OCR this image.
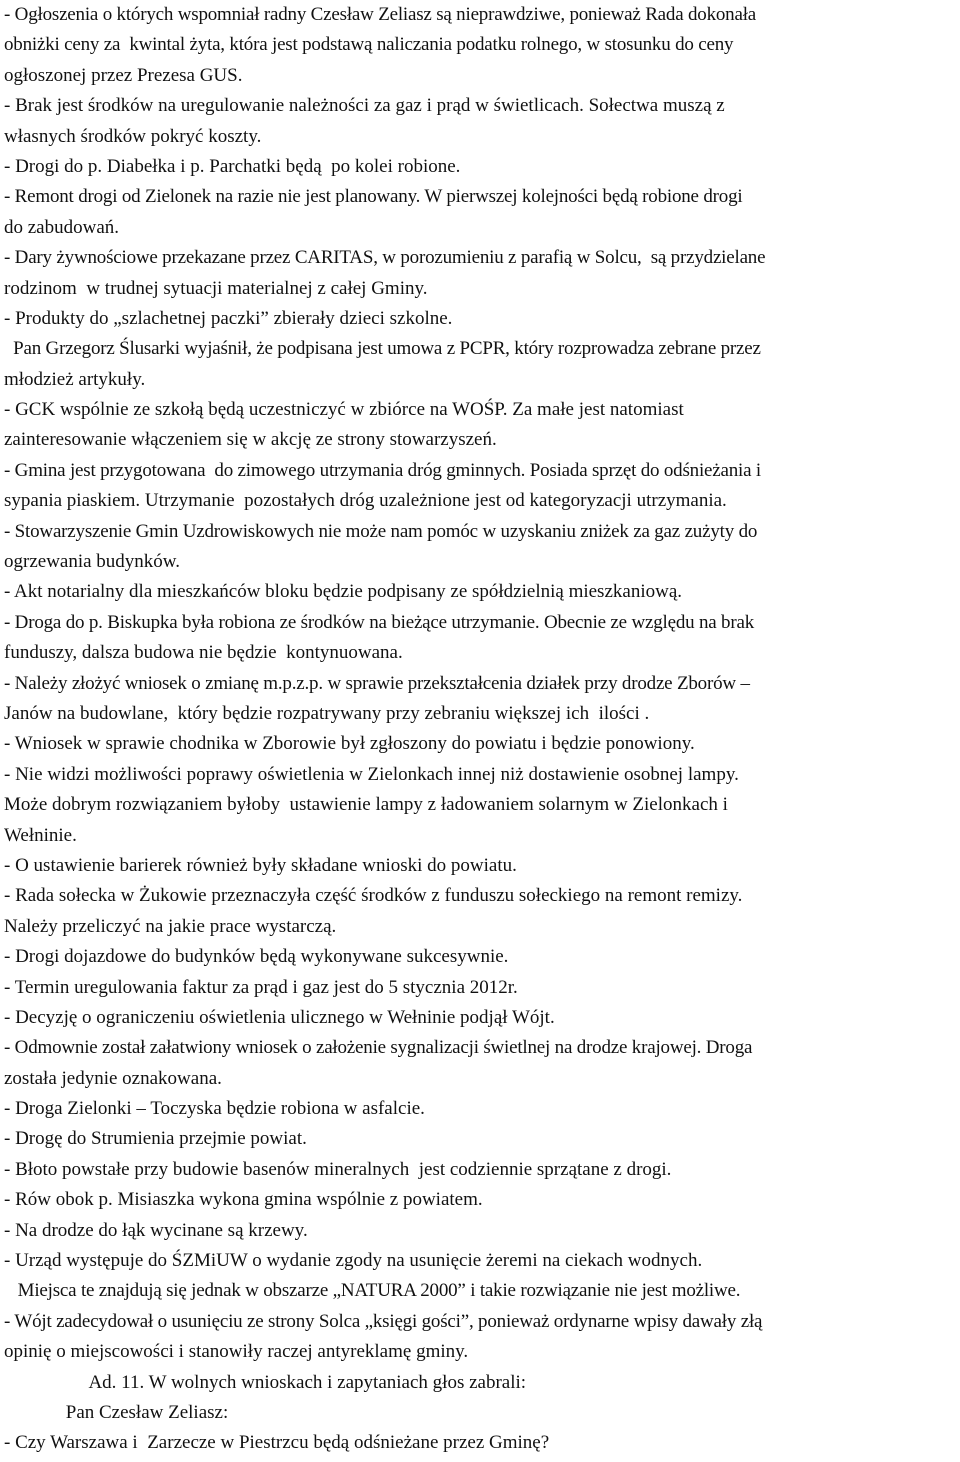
- Ogłoszenia o których wspomniał radny Czesław Zeliasz są nieprawdziwe, ponieważ Rada dokonała
obniżki ceny za  kwintal żyta, która jest podstawą naliczania podatku rolnego, w stosunku do ceny
ogłoszonej przez Prezesa GUS.
- Brak jest środków na uregulowanie należności za gaz i prąd w świetlicach. Sołectwa muszą z
własnych środków pokryć koszty.
- Drogi do p. Diabełka i p. Parchatki będą  po kolei robione.
- Remont drogi od Zielonek na razie nie jest planowany. W pierwszej kolejności będą robione drogi
do zabudowań.
- Dary żywnościowe przekazane przez CARITAS, w porozumieniu z parafią w Solcu,  są przydzielane
rodzinom  w trudnej sytuacji materialnej z całej Gminy.
- Produkty do „szlachetnej paczki” zbierały dzieci szkolne.
Pan Grzegorz Ślusarki wyjaśnił, że podpisana jest umowa z PCPR, który rozprowadza zebrane przez
młodzież artykuły.
- GCK wspólnie ze szkołą będą uczestniczyć w zbiórce na WOŚP. Za małe jest natomiast
zainteresowanie włączeniem się w akcję ze strony stowarzyszeń.
- Gmina jest przygotowana  do zimowego utrzymania dróg gminnych. Posiada sprzęt do odśnieżania i
sypania piaskiem. Utrzymanie  pozostałych dróg uzależnione jest od kategoryzacji utrzymania.
- Stowarzyszenie Gmin Uzdrowiskowych nie może nam pomóc w uzyskaniu zniżek za gaz zużyty do
ogrzewania budynków.
- Akt notarialny dla mieszkańców bloku będzie podpisany ze spółdzielnią mieszkaniową.
- Droga do p. Biskupka była robiona ze środków na bieżące utrzymanie. Obecnie ze względu na brak
funduszy, dalsza budowa nie będzie  kontynuowana.
- Należy złożyć wniosek o zmianę m.p.z.p. w sprawie przekształcenia działek przy drodze Zborów –
Janów na budowlane,  który będzie rozpatrywany przy zebraniu większej ich  ilości .
- Wniosek w sprawie chodnika w Zborowie był zgłoszony do powiatu i będzie ponowiony.
- Nie widzi możliwości poprawy oświetlenia w Zielonkach innej niż dostawienie osobnej lampy.
Może dobrym rozwiązaniem byłoby  ustawienie lampy z ładowaniem solarnym w Zielonkach i
Wełninie.
- O ustawienie barierek również były składane wnioski do powiatu.
- Rada sołecka w Żukowie przeznaczyła część środków z funduszu sołeckiego na remont remizy.
Należy przeliczyć na jakie prace wystarczą.
- Drogi dojazdowe do budynków będą wykonywane sukcesywnie.
- Termin uregulowania faktur za prąd i gaz jest do 5 stycznia 2012r.
- Decyzję o ograniczeniu oświetlenia ulicznego w Wełninie podjął Wójt.
- Odmownie został załatwiony wniosek o założenie sygnalizacji świetlnej na drodze krajowej. Droga
została jedynie oznakowana.
- Droga Zielonki – Toczyska będzie robiona w asfalcie.
- Drogę do Strumienia przejmie powiat.
- Błoto powstałe przy budowie basenów mineralnych  jest codziennie sprzątane z drogi.
- Rów obok p. Misiaszka wykona gmina wspólnie z powiatem.
- Na drodze do łąk wycinane są krzewy.
- Urząd występuje do ŚZMiUW o wydanie zgody na usunięcie żeremi na ciekach wodnych.
Miejsca te znajdują się jednak w obszarze „NATURA 2000” i takie rozwiązanie nie jest możliwe.
- Wójt zadecydował o usunięciu ze strony Solca „księgi gości”, ponieważ ordynarne wpisy dawały złą
opinię o miejscowości i stanowiły raczej antyreklamę gminy.
Ad. 11. W wolnych wnioskach i zapytaniach głos zabrali:
Pan Czesław Zeliasz:
- Czy Warszawa i  Zarzecze w Piestrzcu będą odśnieżane przez Gminę?
